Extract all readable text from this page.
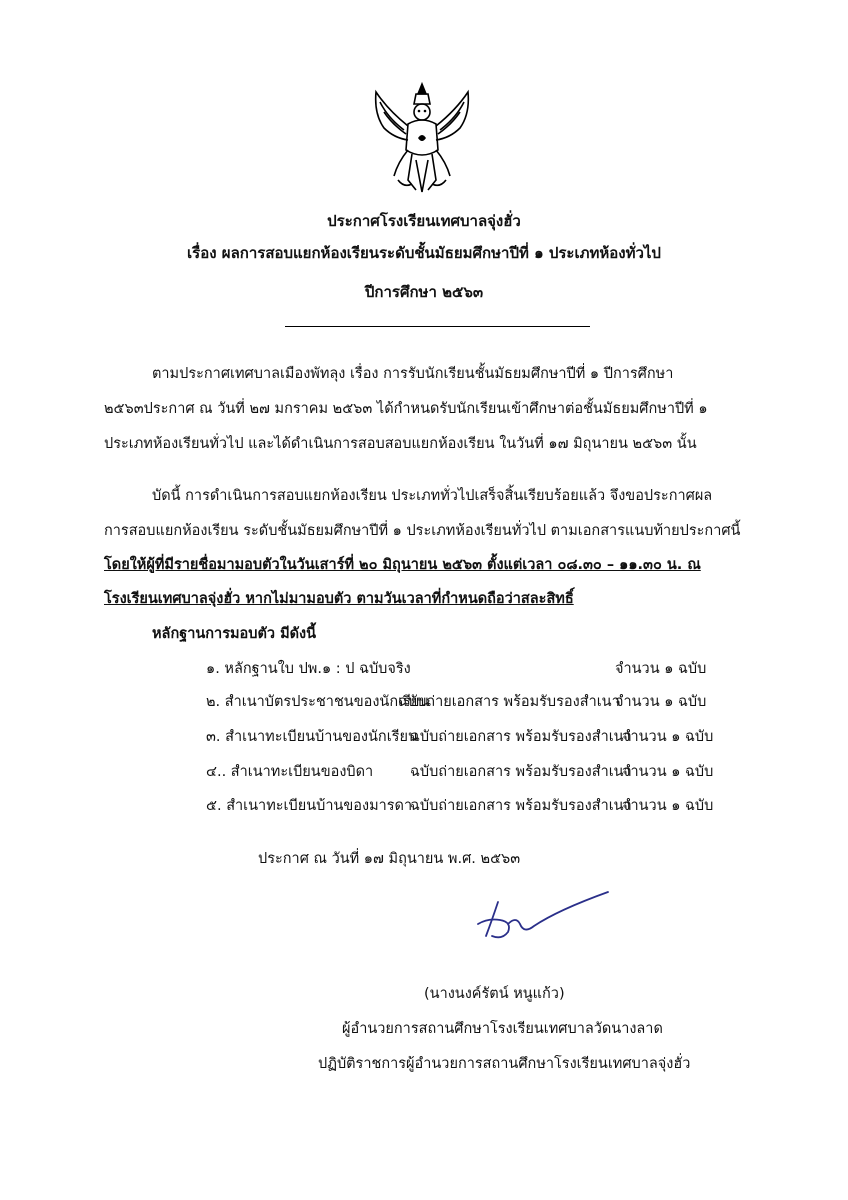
ประกาศโรงเรียนเทศบาลจุ่งฮั่ว
เรื่อง ผลการสอบแยกห้องเรียนระดับชั้นมัธยมศึกษาปีที่ ๑ ประเภทห้องทั่วไป
ปีการศึกษา ๒๕๖๓
ตามประกาศเทศบาลเมืองพัทลุง เรื่อง การรับนักเรียนชั้นมัธยมศึกษาปีที่ ๑ ปีการศึกษา
๒๕๖๓ประกาศ ณ วันที่ ๒๗ มกราคม ๒๕๖๓ ได้กำหนดรับนักเรียนเข้าศึกษาต่อชั้นมัธยมศึกษาปีที่ ๑
ประเภทห้องเรียนทั่วไป และได้ดำเนินการสอบสอบแยกห้องเรียน ในวันที่ ๑๗ มิถุนายน ๒๕๖๓ นั้น
บัดนี้ การดำเนินการสอบแยกห้องเรียน ประเภททั่วไปเสร็จสิ้นเรียบร้อยแล้ว จึงขอประกาศผล
การสอบแยกห้องเรียน ระดับชั้นมัธยมศึกษาปีที่ ๑ ประเภทห้องเรียนทั่วไป ตามเอกสารแนบท้ายประกาศนี้
โดยให้ผู้ที่มีรายชื่อมามอบตัวในวันเสาร์ที่ ๒๐ มิถุนายน ๒๕๖๓ ตั้งแต่เวลา ๐๘.๓๐ – ๑๑.๓๐ น. ณ
โรงเรียนเทศบาลจุ่งฮั่ว หากไม่มามอบตัว ตามวันเวลาที่กำหนดถือว่าสละสิทธิ์
หลักฐานการมอบตัว มีดังนี้
๑. หลักฐานใบ ปพ.๑ : ป ฉบับจริง	จำนวน ๑ ฉบับ
๒. สำเนาบัตรประชาชนของนักเรียน
ฉบับถ่ายเอกสาร พร้อมรับรองสำเนา
จำนวน ๑ ฉบับ
๓. สำเนาทะเบียนบ้านของนักเรียน
ฉบับถ่ายเอกสาร พร้อมรับรองสำเนา
จำนวน ๑ ฉบับ
๔.. สำเนาทะเบียนของบิดา	ฉบับถ่ายเอกสาร พร้อมรับรองสำเนา
จำนวน ๑ ฉบับ
๕. สำเนาทะเบียนบ้านของมารดา
ฉบับถ่ายเอกสาร พร้อมรับรองสำเนา
จำนวน ๑ ฉบับ
ประกาศ ณ วันที่ ๑๗ มิถุนายน พ.ศ. ๒๕๖๓
(นางนงค์รัตน์ หนูแก้ว)
ผู้อำนวยการสถานศึกษาโรงเรียนเทศบาลวัดนางลาด
ปฏิบัติราชการผู้อำนวยการสถานศึกษาโรงเรียนเทศบาลจุ่งฮั่ว
